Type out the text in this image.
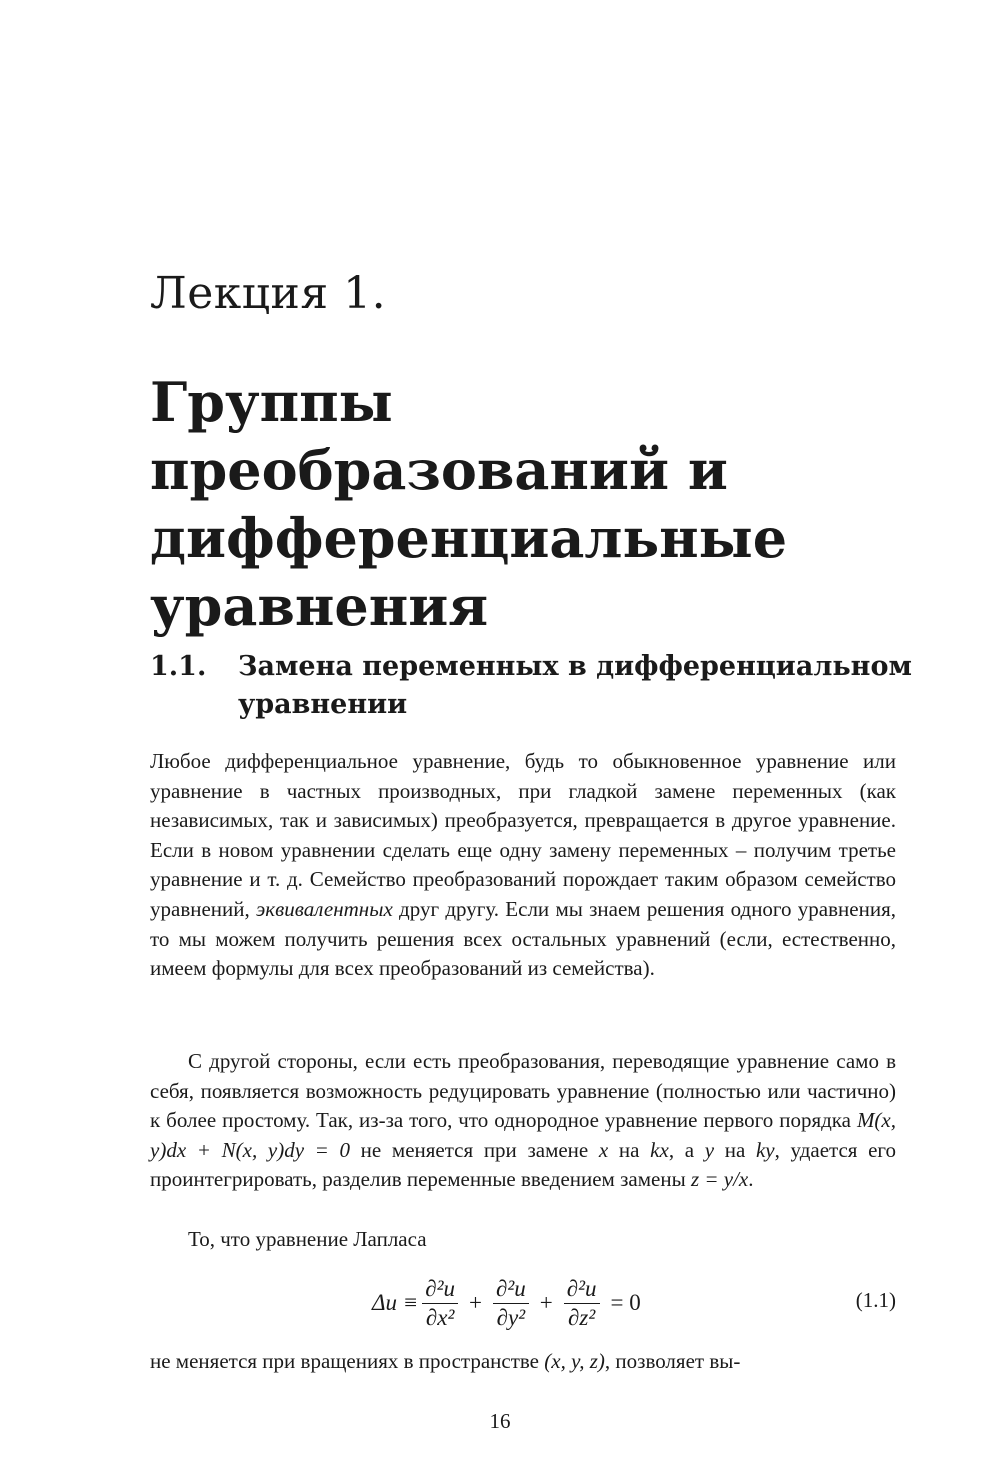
Лекция 1.
Группы преобразований и дифференциальные уравнения
1.1. Замена переменных в дифференциальном уравнении

Любое дифференциальное уравнение, будь то обыкновенное уравнение или уравнение в частных производных, при гладкой замене переменных (как независимых, так и зависимых) преобразуется, превращается в другое уравнение. Если в новом уравнении сделать еще одну замену переменных – получим третье уравнение и т. д. Семейство преобразований порождает таким образом семейство уравнений, эквивалентных друг другу. Если мы знаем решения одного уравнения, то мы можем получить решения всех остальных уравнений (если, естественно, имеем формулы для всех преобразований из семейства).

С другой стороны, если есть преобразования, переводящие уравнение само в себя, появляется возможность редуцировать уравнение (полностью или частично) к более простому. Так, из-за того, что однородное уравнение первого порядка M(x, y)dx + N(x, y)dy = 0 не меняется при замене x на kx, а y на ky, удается его проинтегрировать, разделив переменные введением замены z = y/x.

То, что уравнение Лапласа

$\Delta u \equiv \frac{\text{∂²u}}{\text{∂x²}} + \frac{\text{∂²u}}{\text{∂y²}} + \frac{\text{∂²u}}{\text{∂z²}} = 0$	(1.1)

не меняется при вращениях в пространстве (x, y, z), позволяет вы-

16
